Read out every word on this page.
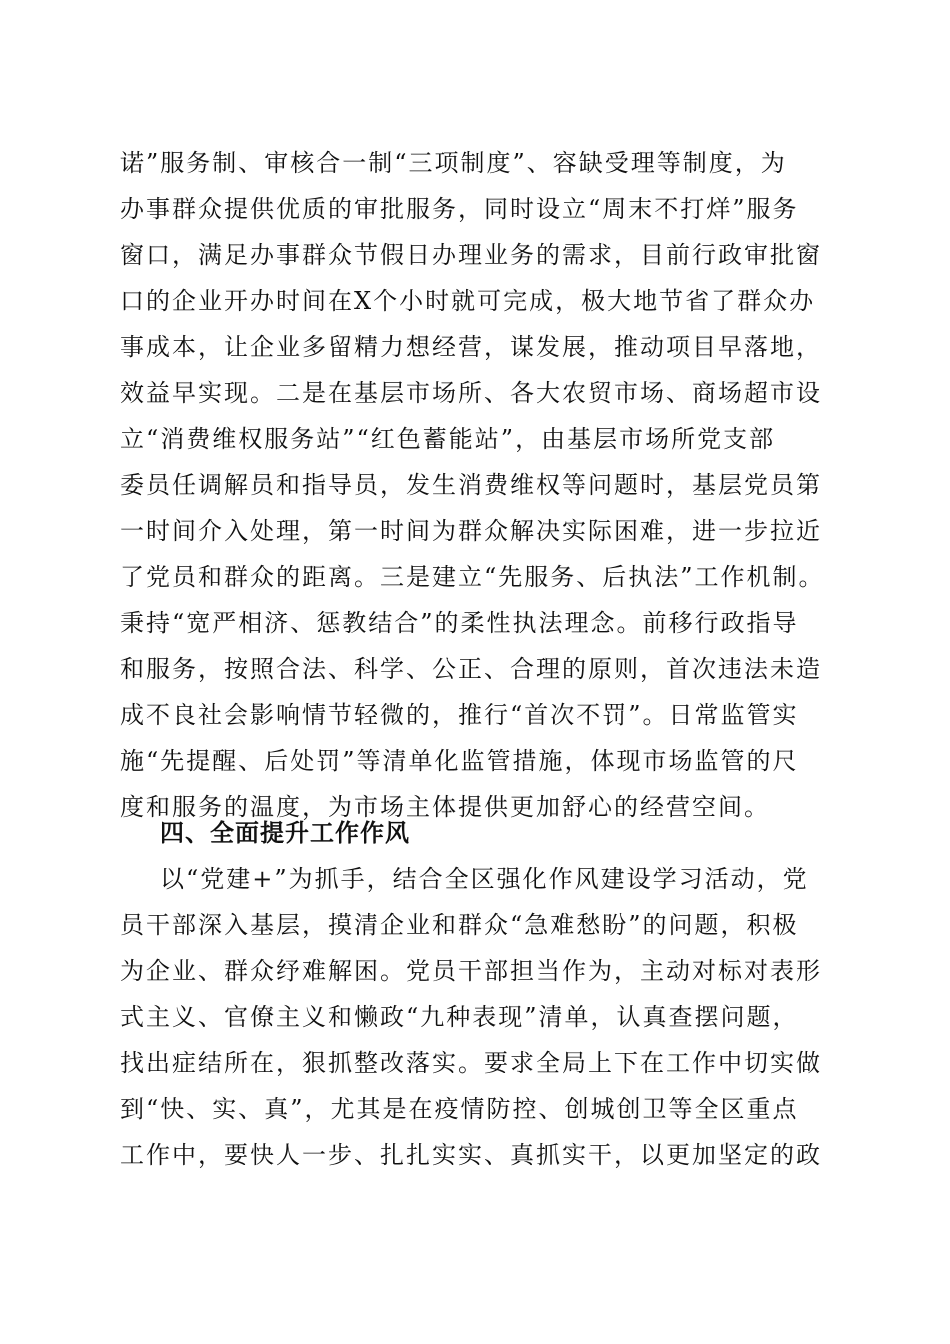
诺”服务制、审核合一制“三项制度”、容缺受理等制度，为
办事群众提供优质的审批服务，同时设立“周末不打烊”服务
窗口，满足办事群众节假日办理业务的需求，目前行政审批窗
口的企业开办时间在X个小时就可完成，极大地节省了群众办
事成本，让企业多留精力想经营，谋发展，推动项目早落地，
效益早实现。二是在基层市场所、各大农贸市场、商场超市设
立“消费维权服务站”“红色蓄能站”，由基层市场所党支部
委员任调解员和指导员，发生消费维权等问题时，基层党员第
一时间介入处理，第一时间为群众解决实际困难，进一步拉近
了党员和群众的距离。三是建立“先服务、后执法”工作机制。
秉持“宽严相济、惩教结合”的柔性执法理念。前移行政指导
和服务，按照合法、科学、公正、合理的原则，首次违法未造
成不良社会影响情节轻微的，推行“首次不罚”。日常监管实
施“先提醒、后处罚”等清单化监管措施，体现市场监管的尺
度和服务的温度，为市场主体提供更加舒心的经营空间。
四、全面提升工作作风
以“党建+”为抓手，结合全区强化作风建设学习活动，党
员干部深入基层，摸清企业和群众“急难愁盼”的问题，积极
为企业、群众纾难解困。党员干部担当作为，主动对标对表形
式主义、官僚主义和懒政“九种表现”清单，认真查摆问题，
找出症结所在，狠抓整改落实。要求全局上下在工作中切实做
到“快、实、真”，尤其是在疫情防控、创城创卫等全区重点
工作中，要快人一步、扎扎实实、真抓实干，以更加坚定的政
